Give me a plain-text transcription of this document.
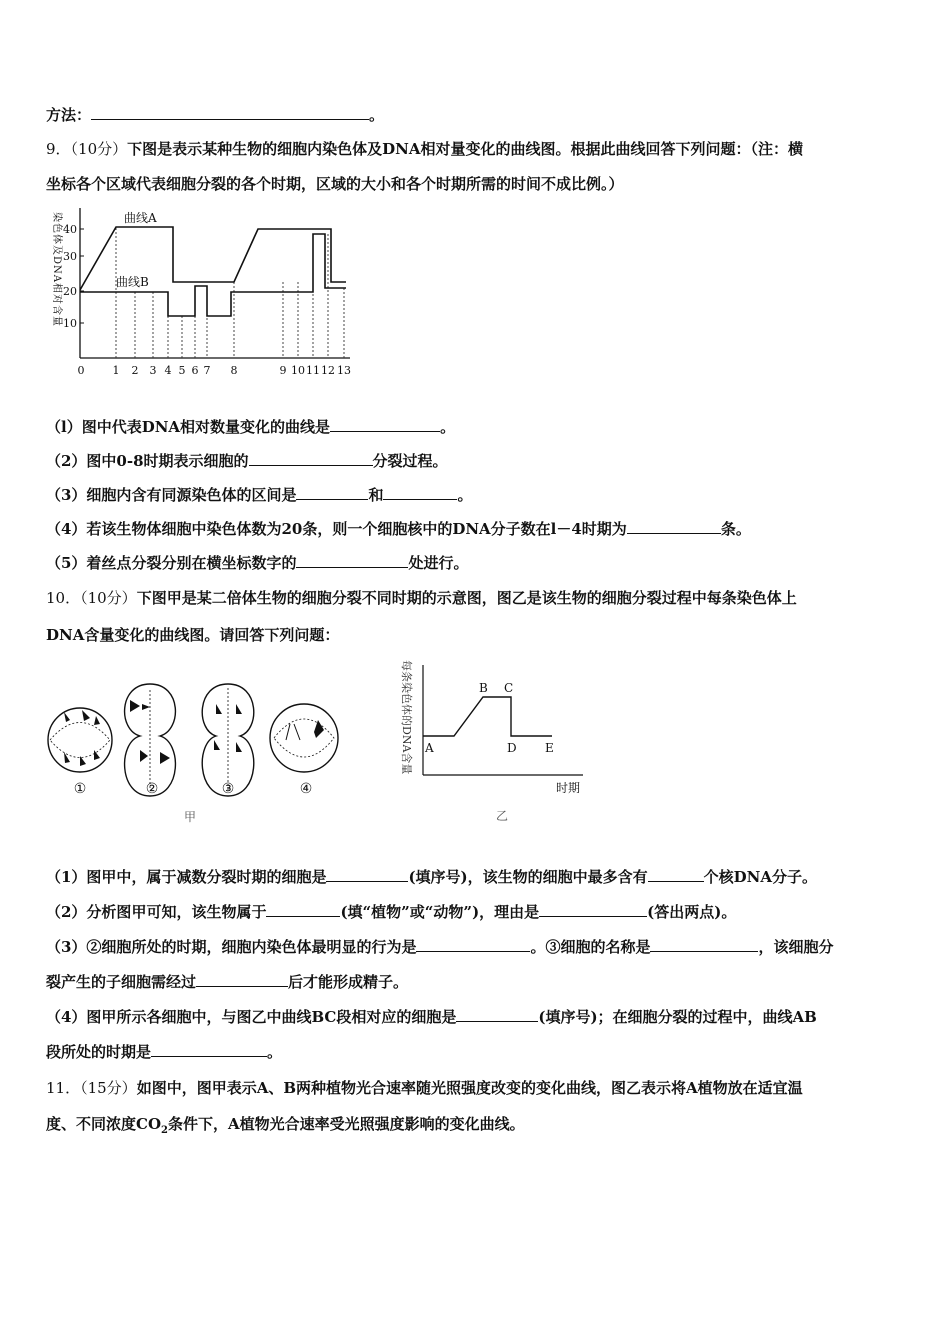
方法：	。
9．（10分）下图是表示某种生物的细胞内染色体及DNA相对量变化的曲线图。根据此曲线回答下列问题：（注：横
坐标各个区域代表细胞分裂的各个时期，区域的大小和各个时期所需的时间不成比例。）
40
30
20
10
染色体及DNA相对含量
0	1 2 3 4 5 6 7 8	9 10 11 12 13
曲线A
曲线B
（l）图中代表DNA相对数量变化的曲线是	。
（2）图中0-8时期表示细胞的	分裂过程。
（3）细胞内含有同源染色体的区间是	和	。
（4）若该生物体细胞中染色体数为20条，则一个细胞核中的DNA分子数在l－4时期为	条。
（5）着丝点分裂分别在横坐标数字的	处进行。
10．（10分）下图甲是某二倍体生物的细胞分裂不同时期的示意图，图乙是该生物的细胞分裂过程中每条染色体上
DNA含量变化的曲线图。请回答下列问题：
①	②	③	④
甲
A
B C
D E
时期
每条染色体的DNA含量
乙
（1）图甲中，属于减数分裂时期的细胞是	(填序号)，该生物的细胞中最多含有	个核DNA分子。
（2）分析图甲可知，该生物属于	(填“植物”或“动物”)，理由是	(答出两点)。
（3）②细胞所处的时期，细胞内染色体最明显的行为是	。③细胞的名称是	，该细胞分
裂产生的子细胞需经过	后才能形成精子。
（4）图甲所示各细胞中，与图乙中曲线BC段相对应的细胞是	(填序号)；在细胞分裂的过程中，曲线AB
段所处的时期是	。
11．（15分）如图中，图甲表示A、B两种植物光合速率随光照强度改变的变化曲线，图乙表示将A植物放在适宜温
度、不同浓度$CO_2$条件下，A植物光合速率受光照强度影响的变化曲线。
